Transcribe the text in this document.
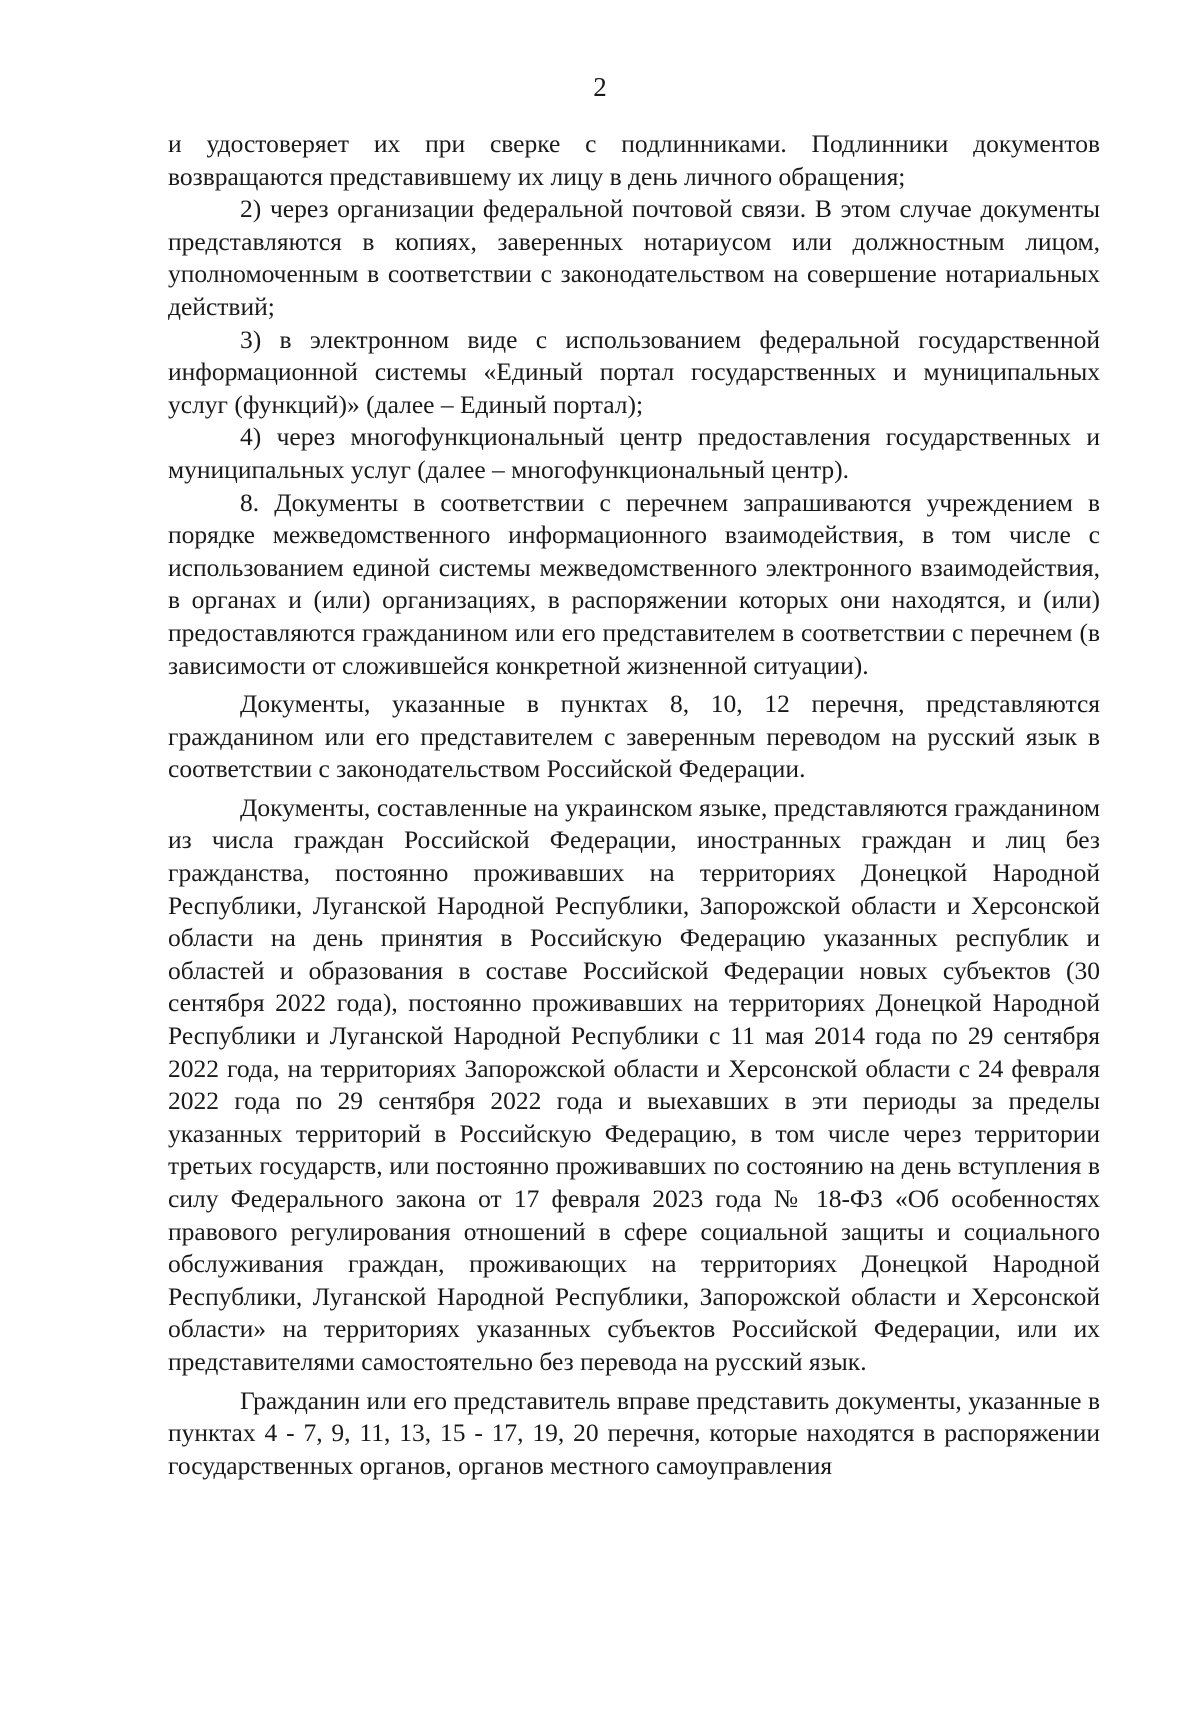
2

и удостоверяет их при сверке с подлинниками. Подлинники документов возвращаются представившему их лицу в день личного обращения;

2) через организации федеральной почтовой связи. В этом случае документы представляются в копиях, заверенных нотариусом или должностным лицом, уполномоченным в соответствии с законодательством на совершение нотариальных действий;

3) в электронном виде с использованием федеральной государственной информационной системы «Единый портал государственных и муниципальных услуг (функций)» (далее – Единый портал);

4) через многофункциональный центр предоставления государственных и муниципальных услуг (далее – многофункциональный центр).

8. Документы в соответствии с перечнем запрашиваются учреждением в порядке межведомственного информационного взаимодействия, в том числе с использованием единой системы межведомственного электронного взаимодействия, в органах и (или) организациях, в распоряжении которых они находятся, и (или) предоставляются гражданином или его представителем в соответствии с перечнем (в зависимости от сложившейся конкретной жизненной ситуации).

Документы, указанные в пунктах 8, 10, 12 перечня, представляются гражданином или его представителем с заверенным переводом на русский язык в соответствии с законодательством Российской Федерации.

Документы, составленные на украинском языке, представляются гражданином из числа граждан Российской Федерации, иностранных граждан и лиц без гражданства, постоянно проживавших на территориях Донецкой Народной Республики, Луганской Народной Республики, Запорожской области и Херсонской области на день принятия в Российскую Федерацию указанных республик и областей и образования в составе Российской Федерации новых субъектов (30 сентября 2022 года), постоянно проживавших на территориях Донецкой Народной Республики и Луганской Народной Республики с 11 мая 2014 года по 29 сентября 2022 года, на территориях Запорожской области и Херсонской области с 24 февраля 2022 года по 29 сентября 2022 года и выехавших в эти периоды за пределы указанных территорий в Российскую Федерацию, в том числе через территории третьих государств, или постоянно проживавших по состоянию на день вступления в силу Федерального закона от 17 февраля 2023 года № 18-ФЗ «Об особенностях правового регулирования отношений в сфере социальной защиты и социального обслуживания граждан, проживающих на территориях Донецкой Народной Республики, Луганской Народной Республики, Запорожской области и Херсонской области» на территориях указанных субъектов Российской Федерации, или их представителями самостоятельно без перевода на русский язык.

Гражданин или его представитель вправе представить документы, указанные в пунктах 4 - 7, 9, 11, 13, 15 - 17, 19, 20 перечня, которые находятся в распоряжении государственных органов, органов местного самоуправления
